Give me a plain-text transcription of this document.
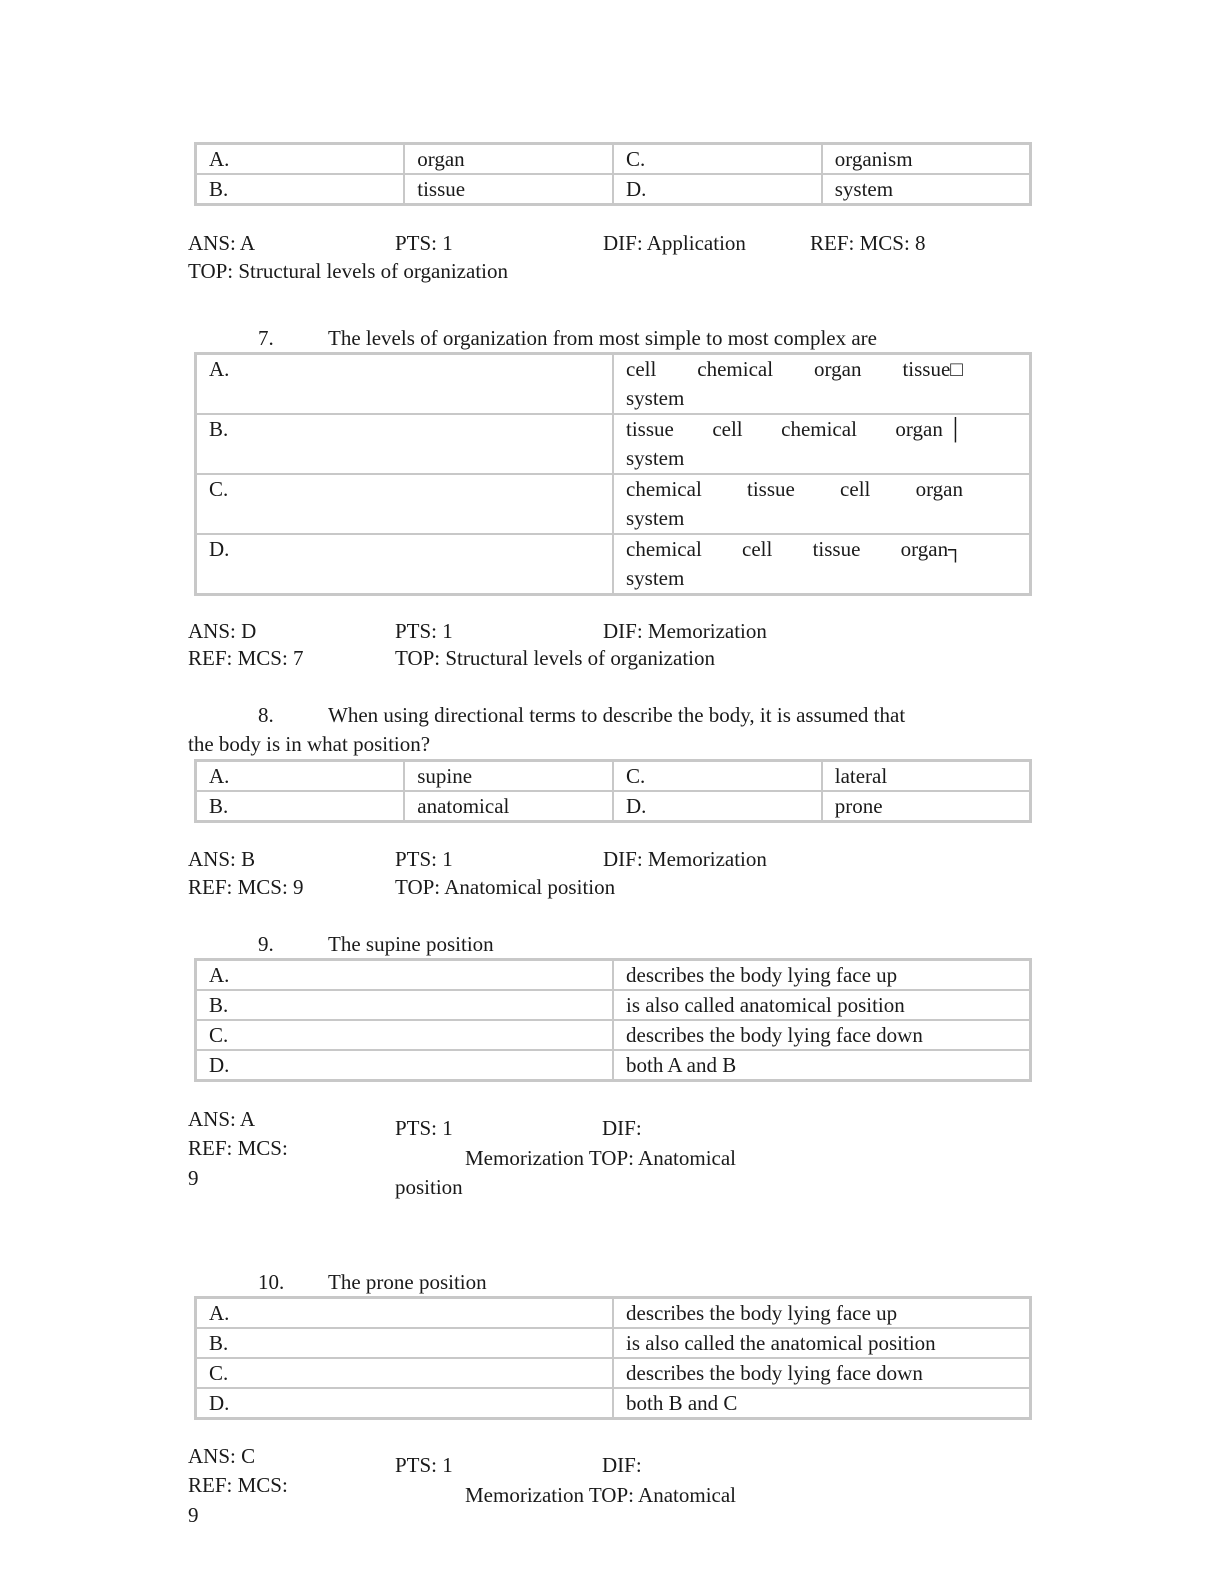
A.	organ	C.	organism
B.	tissue	D.	system
ANS: A	PTS: 1	DIF: Application	REF: MCS: 8
TOP: Structural levels of organization
7.	The levels of organization from most simple to most complex are
A.	cell chemical organ tissue□
system

B.	tissue cell chemical organ │
system

C.	chemical tissue cell organ
system

D.	chemical cell tissue organ┐
system
ANS: D	PTS: 1	DIF: Memorization
REF: MCS: 7	TOP: Structural levels of organization
8.	When using directional terms to describe the body, it is assumed that
the body is in what position?
A.	supine	C.	lateral
B.	anatomical	D.	prone
ANS: B	PTS: 1	DIF: Memorization
REF: MCS: 9	TOP: Anatomical position
9.	The supine position
A.	describes the body lying face up
B.	is also called anatomical position
C.	describes the body lying face down
D.	both A and B
ANS: A
REF: MCS:
9
PTS: 1	DIF:
Memorization TOP: Anatomical
position
10. The prone position
A.	describes the body lying face up
B.	is also called the anatomical position
C.	describes the body lying face down
D.	both B and C
ANS: C
REF: MCS:
9
PTS: 1	DIF:
Memorization TOP: Anatomical
